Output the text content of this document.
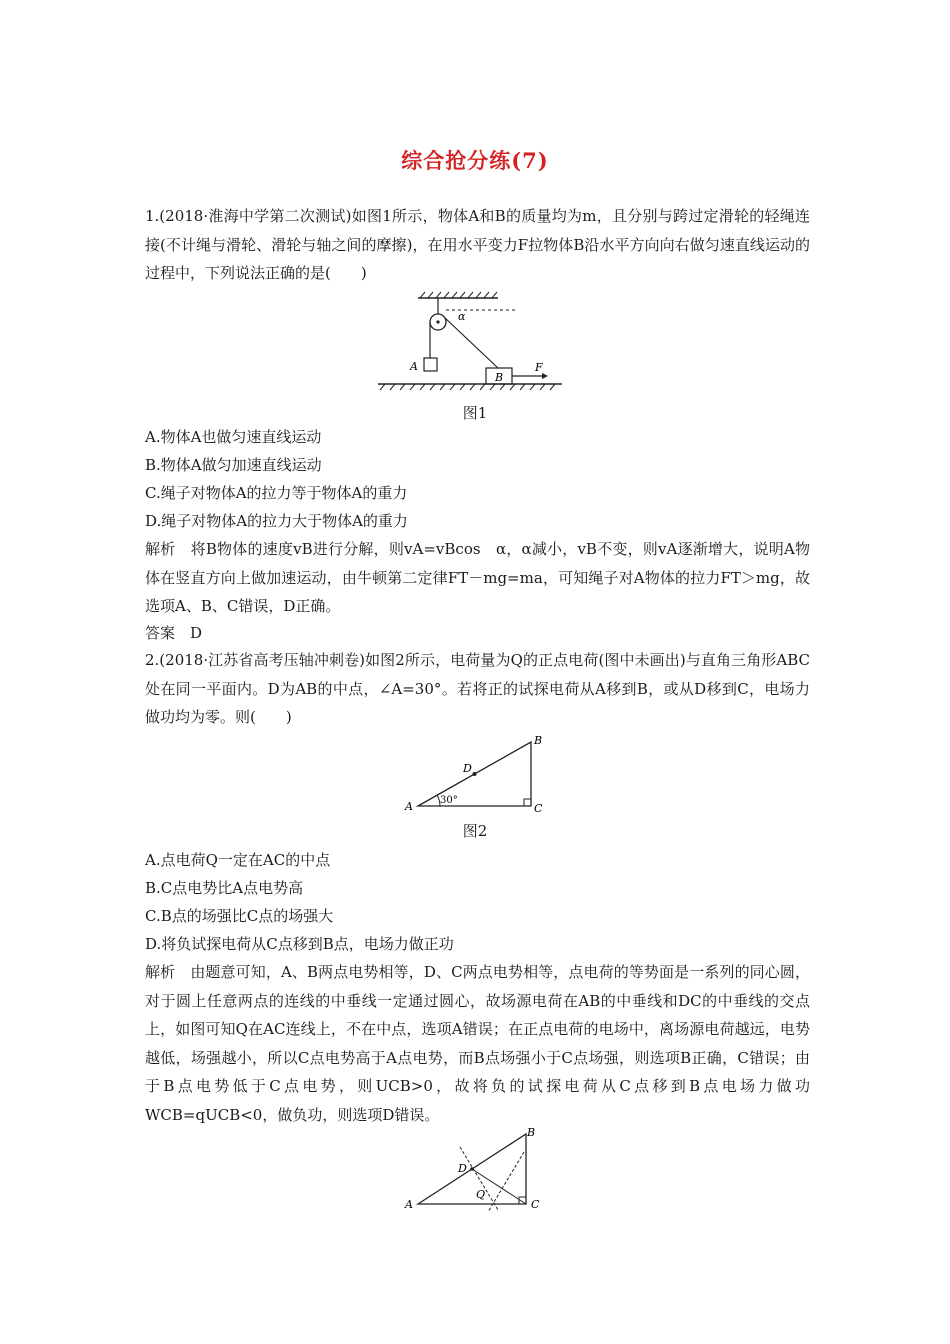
综合抢分练(7)
1.(2018·淮海中学第二次测试)如图1所示，物体A和B的质量均为m，且分别与跨过定滑轮的轻绳连接(不计绳与滑轮、滑轮与轴之间的摩擦)，在用水平变力F拉物体B沿水平方向向右做匀速直线运动的过程中，下列说法正确的是(　　)
α
A
B
F
图1
A.物体A也做匀速直线运动
B.物体A做匀加速直线运动
C.绳子对物体A的拉力等于物体A的重力
D.绳子对物体A的拉力大于物体A的重力
解析　将B物体的速度vB进行分解，则vA=vBcos　α，α减小，vB不变，则vA逐渐增大，说明A物体在竖直方向上做加速运动，由牛顿第二定律FT－mg=ma，可知绳子对A物体的拉力FT＞mg，故选项A、B、C错误，D正确。
答案　D
2.(2018·江苏省高考压轴冲刺卷)如图2所示，电荷量为Q的正点电荷(图中未画出)与直角三角形ABC处在同一平面内。D为AB的中点，∠A=30°。若将正的试探电荷从A移到B，或从D移到C，电场力做功均为零。则(　　)
A
B
C
D
30°
图2
A.点电荷Q一定在AC的中点
B.C点电势比A点电势高
C.B点的场强比C点的场强大
D.将负试探电荷从C点移到B点，电场力做正功
解析　由题意可知，A、B两点电势相等，D、C两点电势相等，点电荷的等势面是一系列的同心圆，对于圆上任意两点的连线的中垂线一定通过圆心，故场源电荷在AB的中垂线和DC的中垂线的交点上，如图可知Q在AC连线上，不在中点，选项A错误；在正点电荷的电场中，离场源电荷越远，电势越低，场强越小，所以C点电势高于A点电势，而B点场强小于C点场强，则选项B正确，C错误；由于B点电势低于C点电势，则UCB>0，故将负的试探电荷从C点移到B点电场力做功WCB=qUCB<0，做负功，则选项D错误。
A
B
C
D
Q
